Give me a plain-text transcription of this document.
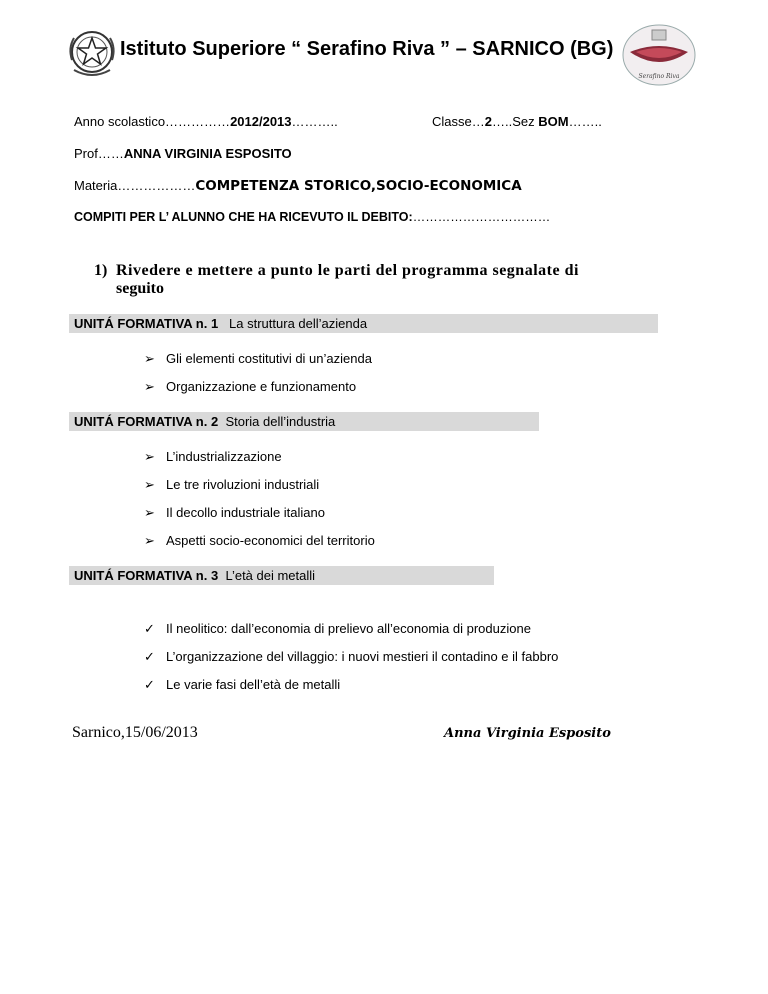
Istituto Superiore “ Serafino Riva ” – SARNICO (BG)
Serafino Riva
Anno scolastico……………2012/2013………..	Classe…2…..Sez BOM……..
Prof……ANNA VIRGINIA ESPOSITO
Materia………………COMPETENZA STORICO,SOCIO-ECONOMICA
COMPITI PER L’ ALUNNO CHE HA RICEVUTO IL DEBITO:……………………………
1) Rivedere e mettere a punto le parti del programma segnalate di
seguito
UNITÁ FORMATIVA n. 1 La struttura dell’azienda
➢ Gli elementi costitutivi di un’azienda
➢ Organizzazione e funzionamento
UNITÁ FORMATIVA n. 2 Storia dell’industria
➢ L’industrializzazione
➢ Le tre rivoluzioni industriali
➢ Il decollo industriale italiano
➢ Aspetti socio-economici del territorio
UNITÁ FORMATIVA n. 3 L’età dei metalli
✓ Il neolitico: dall’economia di prelievo all’economia di produzione
✓ L’organizzazione del villaggio: i nuovi mestieri il contadino e il fabbro
✓ Le varie fasi dell’età de metalli
Sarnico,15/06/2013	Anna Virginia Esposito
